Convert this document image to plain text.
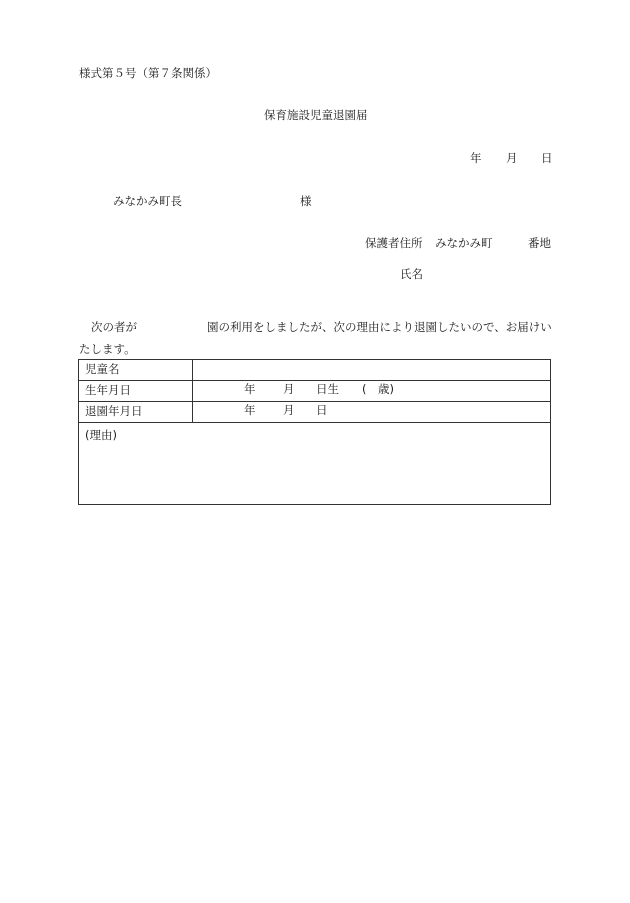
様式第５号（第７条関係）
保育施設児童退園届
年 月 日
みなかみ町長	様
保護者住所 みなかみ町	番地
氏名
次の者が	園の利用をしましたが、次の理由により退園したいので、お届けい
たします。
児童名	
生年月日	年 月 日生 ( 歳)

退園年月日	年 月 日

(理由)	
